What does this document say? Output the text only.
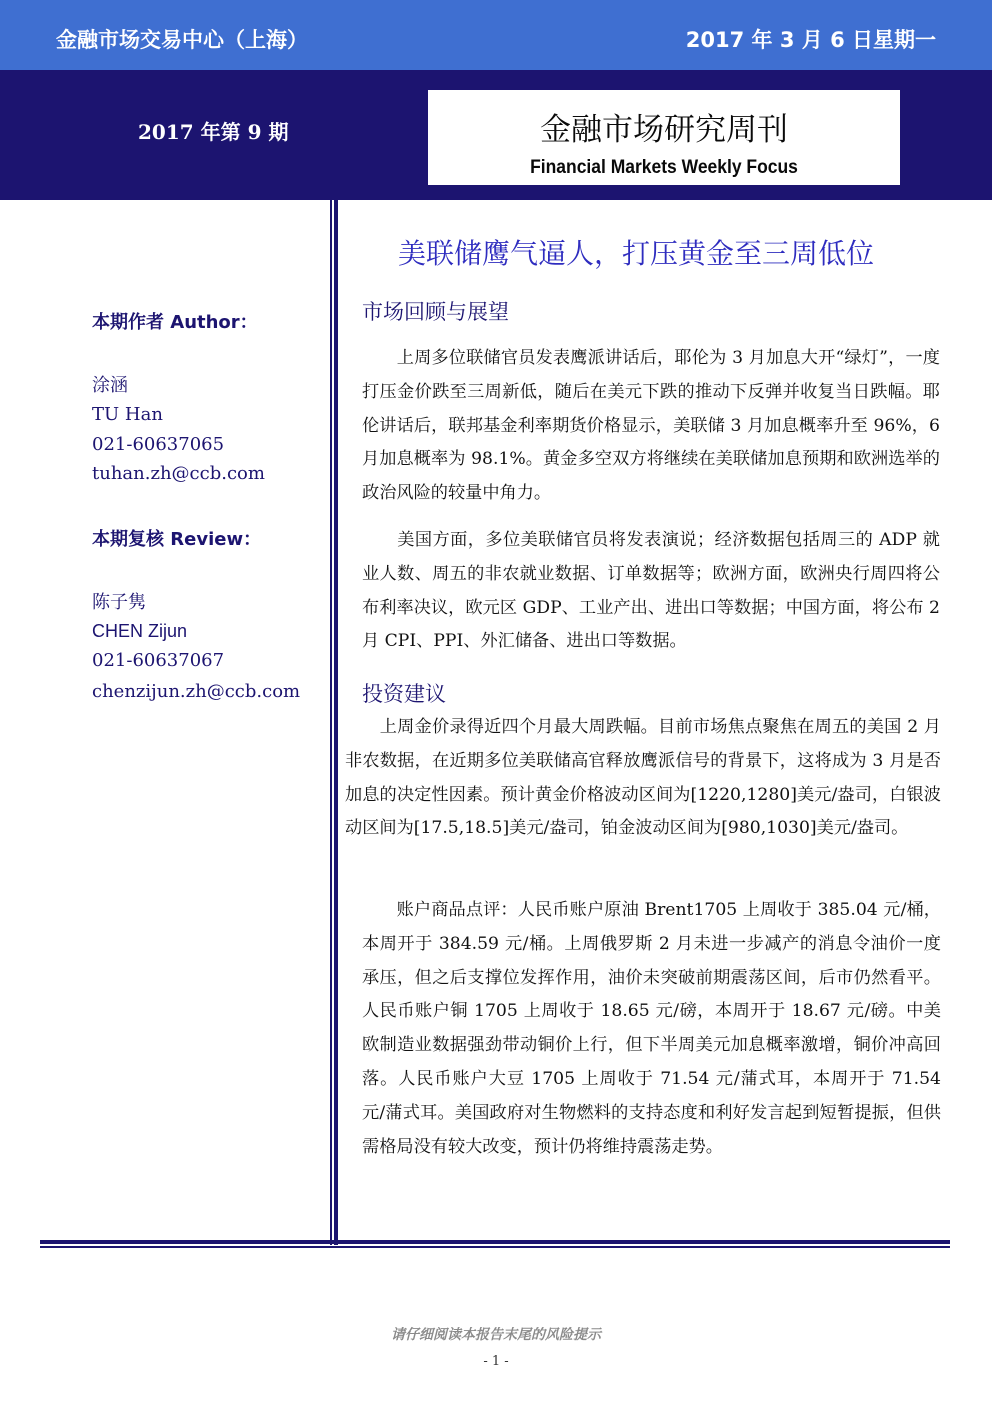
金融市场交易中心（上海）	2017 年 3 月 6 日星期一
2017 年第 9 期	金融市场研究周刊
Financial Markets Weekly Focus
本期作者 Author：
涂涵
TU Han
021-60637065
tuhan.zh@ccb.com
本期复核 Review：
陈子隽
CHEN Zijun
021-60637067
chenzijun.zh@ccb.com
美联储鹰气逼人，打压黄金至三周低位
市场回顾与展望
　　上周多位联储官员发表鹰派讲话后，耶伦为 3 月加息大开“绿灯”，一度打压金价跌至三周新低，随后在美元下跌的推动下反弹并收复当日跌幅。耶伦讲话后，联邦基金利率期货价格显示，美联储 3 月加息概率升至 96%，6 月加息概率为 98.1%。黄金多空双方将继续在美联储加息预期和欧洲选举的政治风险的较量中角力。
　　美国方面，多位美联储官员将发表演说；经济数据包括周三的 ADP 就业人数、周五的非农就业数据、订单数据等；欧洲方面，欧洲央行周四将公布利率决议，欧元区 GDP、工业产出、进出口等数据；中国方面，将公布 2 月 CPI、PPI、外汇储备、进出口等数据。
投资建议
　　上周金价录得近四个月最大周跌幅。目前市场焦点聚焦在周五的美国 2 月非农数据，在近期多位美联储高官释放鹰派信号的背景下，这将成为 3 月是否加息的决定性因素。预计黄金价格波动区间为[1220,1280]美元/盎司，白银波动区间为[17.5,18.5]美元/盎司，铂金波动区间为[980,1030]美元/盎司。
　　账户商品点评：人民币账户原油 Brent1705 上周收于 385.04 元/桶，本周开于 384.59 元/桶。上周俄罗斯 2 月未进一步减产的消息令油价一度承压，但之后支撑位发挥作用，油价未突破前期震荡区间，后市仍然看平。人民币账户铜 1705 上周收于 18.65 元/磅，本周开于 18.67 元/磅。中美欧制造业数据强劲带动铜价上行，但下半周美元加息概率激增，铜价冲高回落。人民币账户大豆 1705 上周收于 71.54 元/蒲式耳，本周开于 71.54 元/蒲式耳。美国政府对生物燃料的支持态度和利好发言起到短暂提振，但供需格局没有较大改变，预计仍将维持震荡走势。
请仔细阅读本报告末尾的风险提示
- 1 -
